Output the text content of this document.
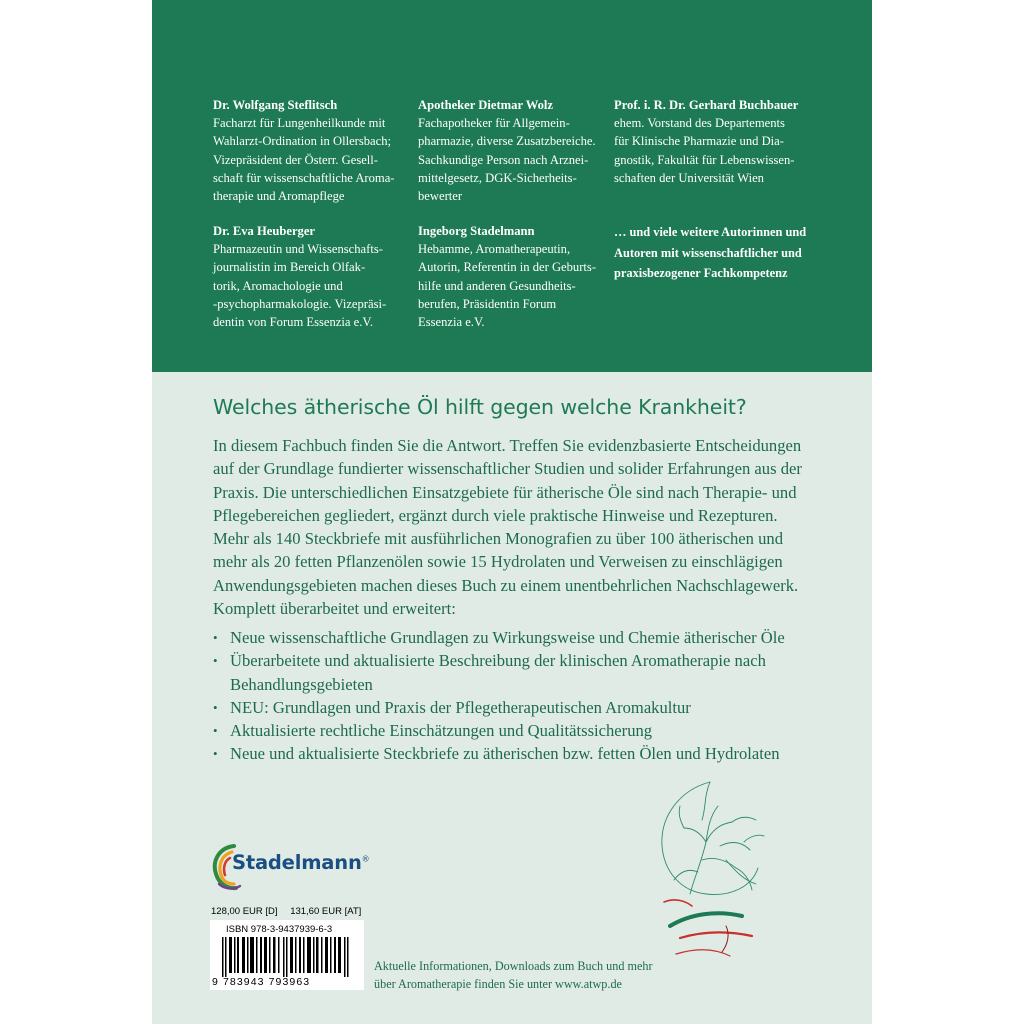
Dr. Wolfgang Steflitsch
Facharzt für Lungenheilkunde mit
Wahlarzt-Ordination in Ollersbach;
Vizepräsident der Österr. Gesell-
schaft für wissenschaftliche Aroma-
therapie und Aromapflege
Apotheker Dietmar Wolz
Fachapotheker für Allgemein-
pharmazie, diverse Zusatzbereiche.
Sachkundige Person nach Arznei-
mittelgesetz, DGK-Sicherheits-
bewerter
Prof. i. R. Dr. Gerhard Buchbauer
ehem. Vorstand des Departements
für Klinische Pharmazie und Dia-
gnostik, Fakultät für Lebenswissen-
schaften der Universität Wien
Dr. Eva Heuberger
Pharmazeutin und Wissenschafts-
journalistin im Bereich Olfak-
torik, Aromachologie und
-psychopharmakologie. Vizepräsi-
dentin von Forum Essenzia e.V.
Ingeborg Stadelmann
Hebamme, Aromatherapeutin,
Autorin, Referentin in der Geburts-
hilfe und anderen Gesundheits-
berufen, Präsidentin Forum
Essenzia e.V.
… und viele weitere Autorinnen und
Autoren mit wissenschaftlicher und
praxisbezogener Fachkompetenz
Welches ätherische Öl hilft gegen welche Krankheit?
In diesem Fachbuch finden Sie die Antwort. Treffen Sie evidenzbasierte Entscheidungen
auf der Grundlage fundierter wissenschaftlicher Studien und solider Erfahrungen aus der
Praxis. Die unterschiedlichen Einsatzgebiete für ätherische Öle sind nach Therapie- und
Pflegebereichen gegliedert, ergänzt durch viele praktische Hinweise und Rezepturen.
Mehr als 140 Steckbriefe mit ausführlichen Monografien zu über 100 ätherischen und
mehr als 20 fetten Pflanzenölen sowie 15 Hydrolaten und Verweisen zu einschlägigen
Anwendungsgebieten machen dieses Buch zu einem unentbehrlichen Nachschlagewerk.
Komplett überarbeitet und erweitert:
• Neue wissenschaftliche Grundlagen zu Wirkungsweise und Chemie ätherischer Öle
• Überarbeitete und aktualisierte Beschreibung der klinischen Aromatherapie nach
Behandlungsgebieten
• NEU: Grundlagen und Praxis der Pflegetherapeutischen Aromakultur
• Aktualisierte rechtliche Einschätzungen und Qualitätssicherung
• Neue und aktualisierte Steckbriefe zu ätherischen bzw. fetten Ölen und Hydrolaten
Stadelmann®
128,00 EUR [D] 131,60 EUR [AT]
ISBN 978-3-9437939-6-3
9 783943 793963
Aktuelle Informationen, Downloads zum Buch und mehr
über Aromatherapie finden Sie unter www.atwp.de
